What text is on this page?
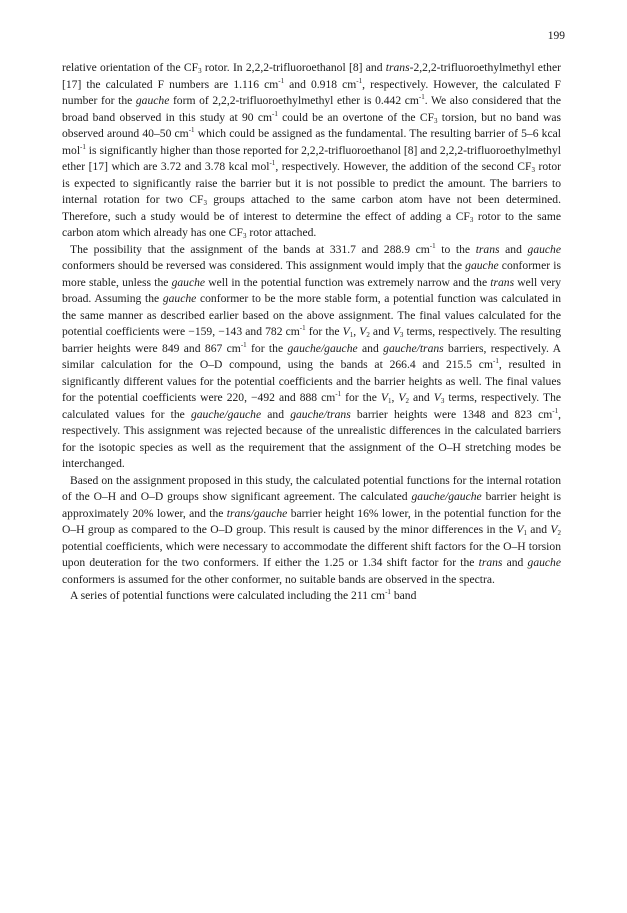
199

relative orientation of the $CF_3$ rotor. In 2,2,2-trifluoroethanol [8] and trans-2,2,2-trifluoroethylmethyl ether [17] the calculated F numbers are 1.116 $cm^{-1}$ and 0.918 $cm^{-1}$, respectively. However, the calculated F number for the gauche form of 2,2,2-trifluoroethylmethyl ether is 0.442 $cm^{-1}$. We also considered that the broad band observed in this study at 90 $cm^{-1}$ could be an overtone of the $CF_3$ torsion, but no band was observed around 40–50 $cm^{-1}$ which could be assigned as the fundamental. The resulting barrier of 5–6 kcal mol$^{-1}$ is significantly higher than those reported for 2,2,2-trifluoroethanol [8] and 2,2,2-trifluoroethylmethyl ether [17] which are 3.72 and 3.78 kcal mol$^{-1}$, respectively. However, the addition of the second $CF_3$ rotor is expected to significantly raise the barrier but it is not possible to predict the amount. The barriers to internal rotation for two $CF_3$ groups attached to the same carbon atom have not been determined. Therefore, such a study would be of interest to determine the effect of adding a $CF_3$ rotor to the same carbon atom which already has one $CF_3$ rotor attached.

The possibility that the assignment of the bands at 331.7 and 288.9 $cm^{-1}$ to the trans and gauche conformers should be reversed was considered. This assignment would imply that the gauche conformer is more stable, unless the gauche well in the potential function was extremely narrow and the trans well very broad. Assuming the gauche conformer to be the more stable form, a potential function was calculated in the same manner as described earlier based on the above assignment. The final values calculated for the potential coefficients were −159, −143 and 782 $cm^{-1}$ for the $V_1$, $V_2$ and $V_3$ terms, respectively. The resulting barrier heights were 849 and 867 $cm^{-1}$ for the gauche/gauche and gauche/trans barriers, respectively. A similar calculation for the O–D compound, using the bands at 266.4 and 215.5 $cm^{-1}$, resulted in significantly different values for the potential coefficients and the barrier heights as well. The final values for the potential coefficients were 220, −492 and 888 $cm^{-1}$ for the $V_1$, $V_2$ and $V_3$ terms, respectively. The calculated values for the gauche/gauche and gauche/trans barrier heights were 1348 and 823 $cm^{-1}$, respectively. This assignment was rejected because of the unrealistic differences in the calculated barriers for the isotopic species as well as the requirement that the assignment of the O–H stretching modes be interchanged.

Based on the assignment proposed in this study, the calculated potential functions for the internal rotation of the O–H and O–D groups show significant agreement. The calculated gauche/gauche barrier height is approximately 20% lower, and the trans/gauche barrier height 16% lower, in the potential function for the O–H group as compared to the O–D group. This result is caused by the minor differences in the $V_1$ and $V_2$ potential coefficients, which were necessary to accommodate the different shift factors for the O–H torsion upon deuteration for the two conformers. If either the 1.25 or 1.34 shift factor for the trans and gauche conformers is assumed for the other conformer, no suitable bands are observed in the spectra.

A series of potential functions were calculated including the 211 $cm^{-1}$ band
